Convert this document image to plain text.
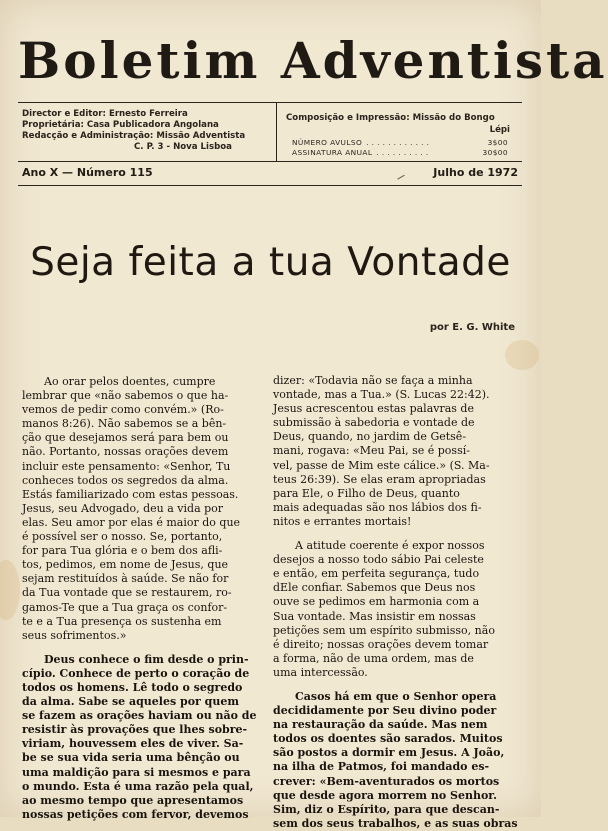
Boletim Adventista
Director e Editor: Ernesto Ferreira
Proprietária: Casa Publicadora Angolana
Redacção e Administração: Missão Adventista
C. P. 3 - Nova Lisboa
Composição e Impressão: Missão do Bongo
Lépi
NÚMERO AVULSO . . . . . . . . . . . .	3$00
ASSINATURA ANUAL . . . . . . . . . .	30$00
Ano X — Número 115	Julho de 1972
Seja feita a tua Vontade
por E. G. White

  Ao orar pelos doentes, cumpre
lembrar que «não sabemos o que ha-
vemos de pedir como convém.» (Ro-
manos 8:26). Não sabemos se a bên-
ção que desejamos será para bem ou
não. Portanto, nossas orações devem
incluir este pensamento: «Senhor, Tu
conheces todos os segredos da alma.
Estás familiarizado com estas pessoas.
Jesus, seu Advogado, deu a vida por
elas. Seu amor por elas é maior do que
é possível ser o nosso. Se, portanto,
for para Tua glória e o bem dos afli-
tos, pedimos, em nome de Jesus, que
sejam restituídos à saúde. Se não for
da Tua vontade que se restaurem, ro-
gamos-Te que a Tua graça os confor-
te e a Tua presença os sustenha em
seus sofrimentos.»

  Deus conhece o fim desde o prin-
cípio. Conhece de perto o coração de
todos os homens. Lê todo o segredo
da alma. Sabe se aqueles por quem
se fazem as orações haviam ou não de
resistir às provações que lhes sobre-
viriam, houvessem eles de viver. Sa-
be se sua vida seria uma bênção ou
uma maldição para si mesmos e para
o mundo. Esta é uma razão pela qual,
ao mesmo tempo que apresentamos
nossas petições com fervor, devemos

dizer: «Todavia não se faça a minha
vontade, mas a Tua.» (S. Lucas 22:42).
Jesus acrescentou estas palavras de
submissão à sabedoria e vontade de
Deus, quando, no jardim de Getsê-
mani, rogava: «Meu Pai, se é possí-
vel, passe de Mim este cálice.» (S. Ma-
teus 26:39). Se elas eram apropriadas
para Ele, o Filho de Deus, quanto
mais adequadas são nos lábios dos fi-
nitos e errantes mortais!

  A atitude coerente é expor nossos
desejos a nosso todo sábio Pai celeste
e então, em perfeita segurança, tudo
dEle confiar. Sabemos que Deus nos
ouve se pedimos em harmonia com a
Sua vontade. Mas insistir em nossas
petições sem um espírito submisso, não
é direito; nossas orações devem tomar
a forma, não de uma ordem, mas de
uma intercessão.

  Casos há em que o Senhor opera
decididamente por Seu divino poder
na restauração da saúde. Mas nem
todos os doentes são sarados. Muitos
são postos a dormir em Jesus. A João,
na ilha de Patmos, foi mandado es-
crever: «Bem-aventurados os mortos
que desde agora morrem no Senhor.
Sim, diz o Espírito, para que descan-
sem dos seus trabalhos, e as suas obras
